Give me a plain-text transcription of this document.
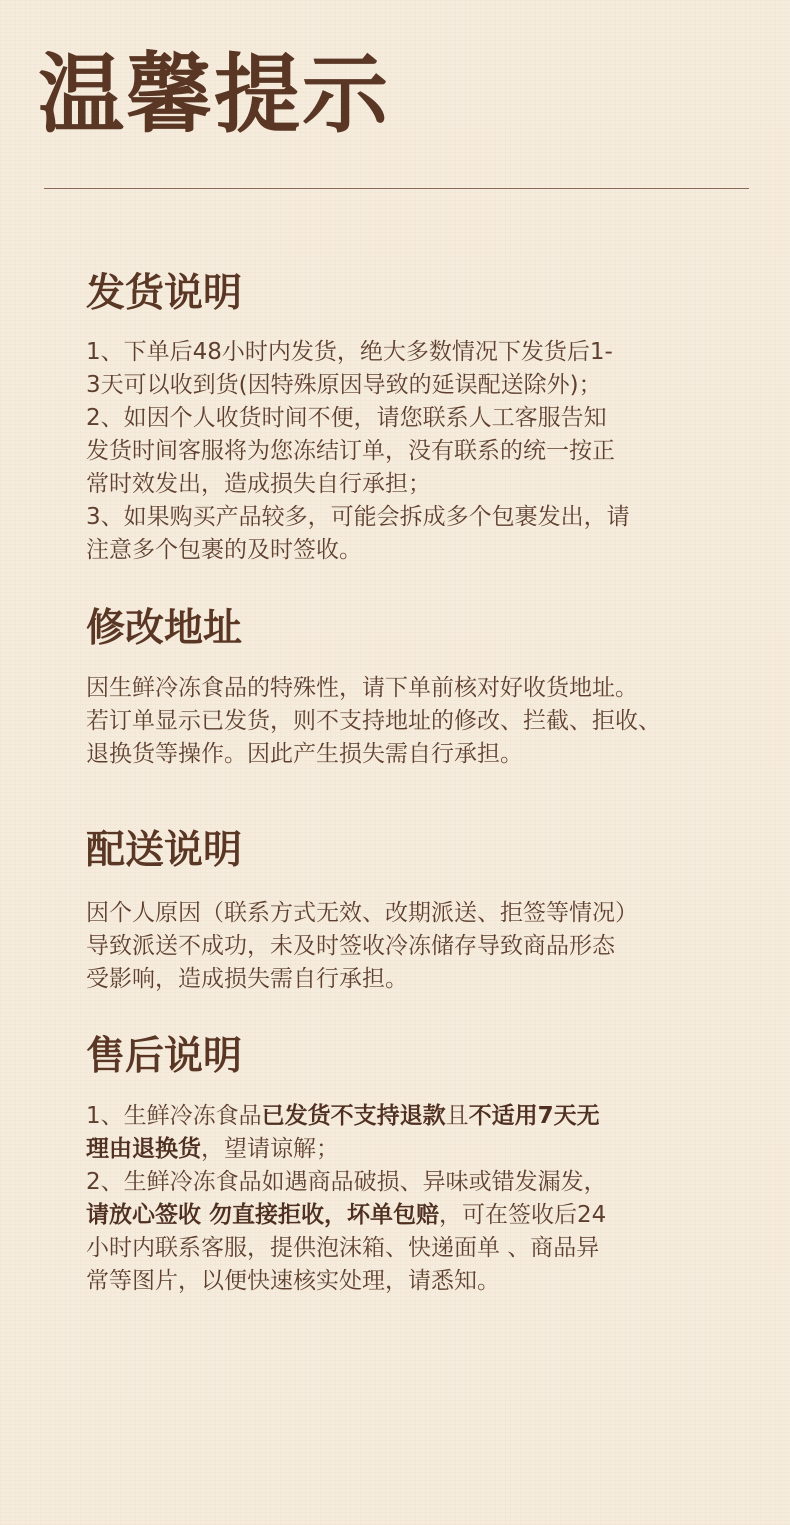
温馨提示
发货说明

1、下单后48小时内发货，绝大多数情况下发货后1-

3天可以收到货(因特殊原因导致的延误配送除外)；

2、如因个人收货时间不便，请您联系人工客服告知

发货时间客服将为您冻结订单，没有联系的统一按正

常时效发出，造成损失自行承担；

3、如果购买产品较多，可能会拆成多个包裹发出，请

注意多个包裹的及时签收。

修改地址

因生鲜冷冻食品的特殊性，请下单前核对好收货地址。

若订单显示已发货，则不支持地址的修改、拦截、拒收、

退换货等操作。因此产生损失需自行承担。

配送说明

因个人原因（联系方式无效、改期派送、拒签等情况）

导致派送不成功，未及时签收冷冻储存导致商品形态

受影响，造成损失需自行承担。

售后说明

1、生鲜冷冻食品已发货不支持退款且不适用7天无

理由退换货，望请谅解；

2、生鲜冷冻食品如遇商品破损、异味或错发漏发，

请放心签收 勿直接拒收，坏单包赔，可在签收后24

小时内联系客服，提供泡沫箱、快递面单 、商品异

常等图片，以便快速核实处理，请悉知。
